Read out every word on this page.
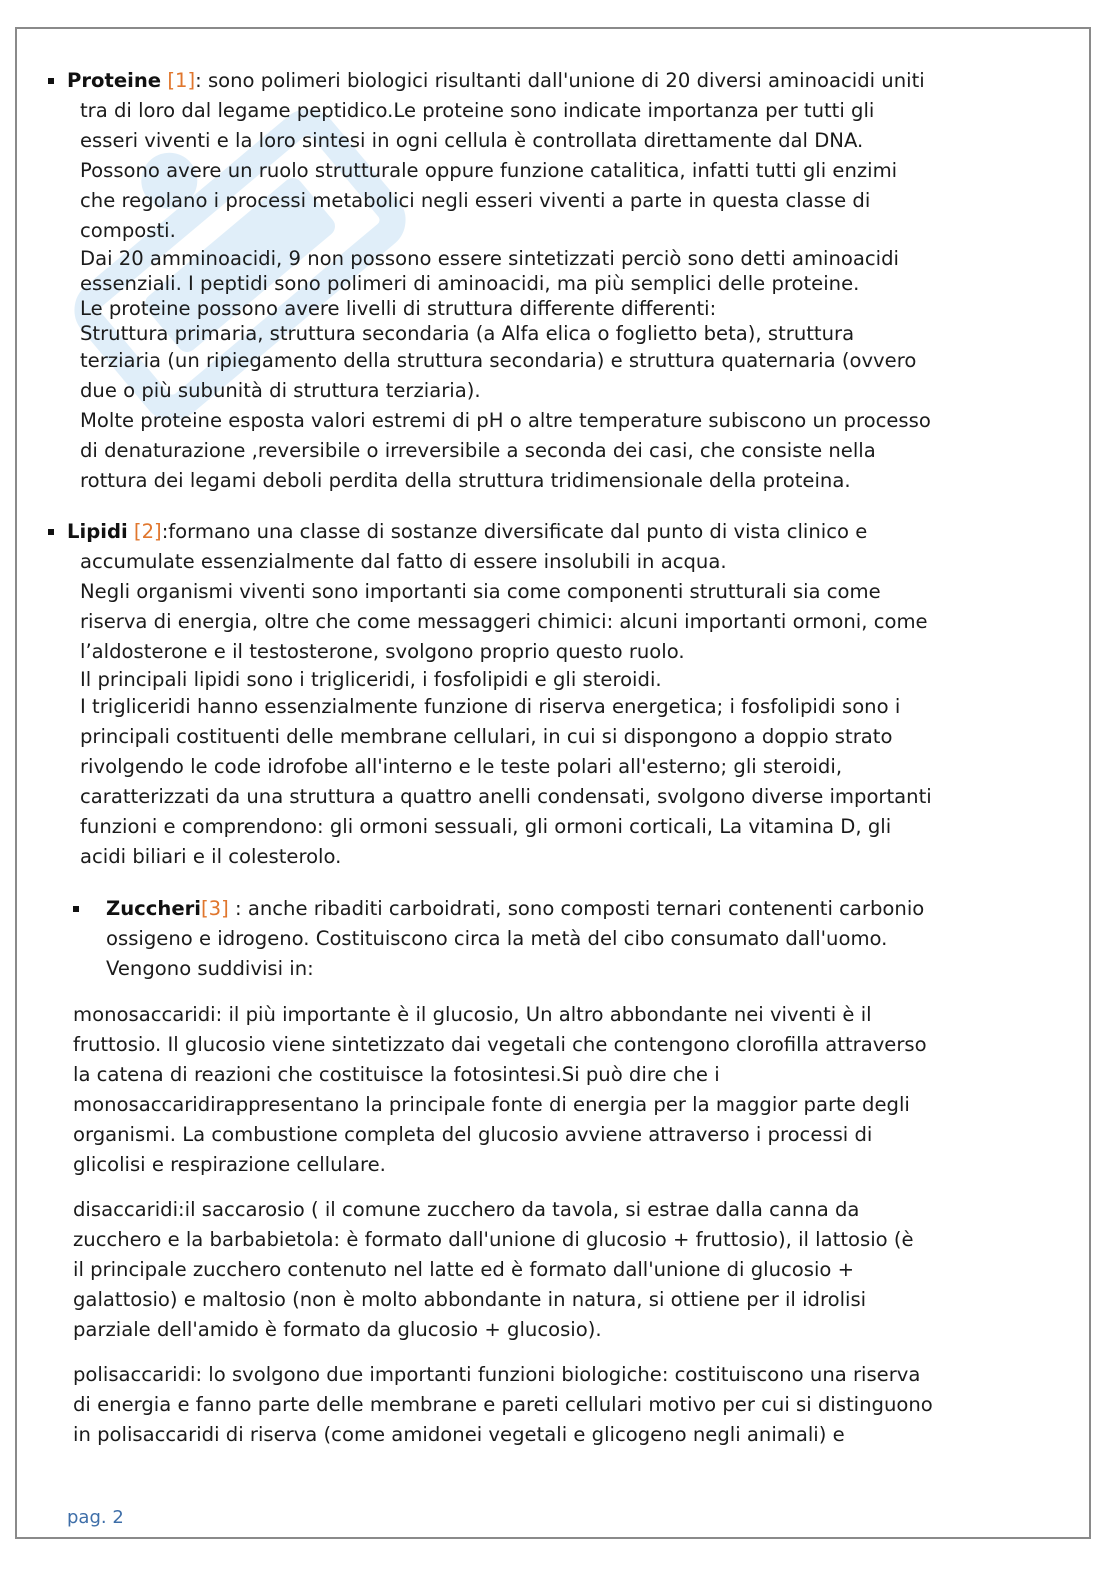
Proteine [1]: sono polimeri biologici risultanti dall'unione di 20 diversi aminoacidi uniti
tra di loro dal legame peptidico.Le proteine sono indicate importanza per tutti gli
esseri viventi e la loro sintesi in ogni cellula è controllata direttamente dal DNA.
Possono avere un ruolo strutturale oppure funzione catalitica, infatti tutti gli enzimi
che regolano i processi metabolici negli esseri viventi a parte in questa classe di
composti.
Dai 20 amminoacidi, 9 non possono essere sintetizzati perciò sono detti aminoacidi
essenziali. I peptidi sono polimeri di aminoacidi, ma più semplici delle proteine.
Le proteine possono avere livelli di struttura differente differenti:
Struttura primaria, struttura secondaria (a Alfa elica o foglietto beta), struttura
terziaria (un ripiegamento della struttura secondaria) e struttura quaternaria (ovvero
due o più subunità di struttura terziaria).
Molte proteine esposta valori estremi di pH o altre temperature subiscono un processo
di denaturazione ,reversibile o irreversibile a seconda dei casi, che consiste nella
rottura dei legami deboli perdita della struttura tridimensionale della proteina.
Lipidi [2]:formano una classe di sostanze diversificate dal punto di vista clinico e
accumulate essenzialmente dal fatto di essere insolubili in acqua.
Negli organismi viventi sono importanti sia come componenti strutturali sia come
riserva di energia, oltre che come messaggeri chimici: alcuni importanti ormoni, come
l’aldosterone e il testosterone, svolgono proprio questo ruolo.
Il principali lipidi sono i trigliceridi, i fosfolipidi e gli steroidi.
I trigliceridi hanno essenzialmente funzione di riserva energetica; i fosfolipidi sono i
principali costituenti delle membrane cellulari, in cui si dispongono a doppio strato
rivolgendo le code idrofobe all'interno e le teste polari all'esterno; gli steroidi,
caratterizzati da una struttura a quattro anelli condensati, svolgono diverse importanti
funzioni e comprendono: gli ormoni sessuali, gli ormoni corticali, La vitamina D, gli
acidi biliari e il colesterolo.
Zuccheri[3] : anche ribaditi carboidrati, sono composti ternari contenenti carbonio
ossigeno e idrogeno. Costituiscono circa la metà del cibo consumato dall'uomo.
Vengono suddivisi in:
monosaccaridi: il più importante è il glucosio, Un altro abbondante nei viventi è il
fruttosio. Il glucosio viene sintetizzato dai vegetali che contengono clorofilla attraverso
la catena di reazioni che costituisce la fotosintesi.Si può dire che i
monosaccaridirappresentano la principale fonte di energia per la maggior parte degli
organismi. La combustione completa del glucosio avviene attraverso i processi di
glicolisi e respirazione cellulare.
disaccaridi:il saccarosio ( il comune zucchero da tavola, si estrae dalla canna da
zucchero e la barbabietola: è formato dall'unione di glucosio + fruttosio), il lattosio (è
il principale zucchero contenuto nel latte ed è formato dall'unione di glucosio +
galattosio) e maltosio (non è molto abbondante in natura, si ottiene per il idrolisi
parziale dell'amido è formato da glucosio + glucosio).
polisaccaridi: lo svolgono due importanti funzioni biologiche: costituiscono una riserva
di energia e fanno parte delle membrane e pareti cellulari motivo per cui si distinguono
in polisaccaridi di riserva (come amidonei vegetali e glicogeno negli animali) e
pag. 2
